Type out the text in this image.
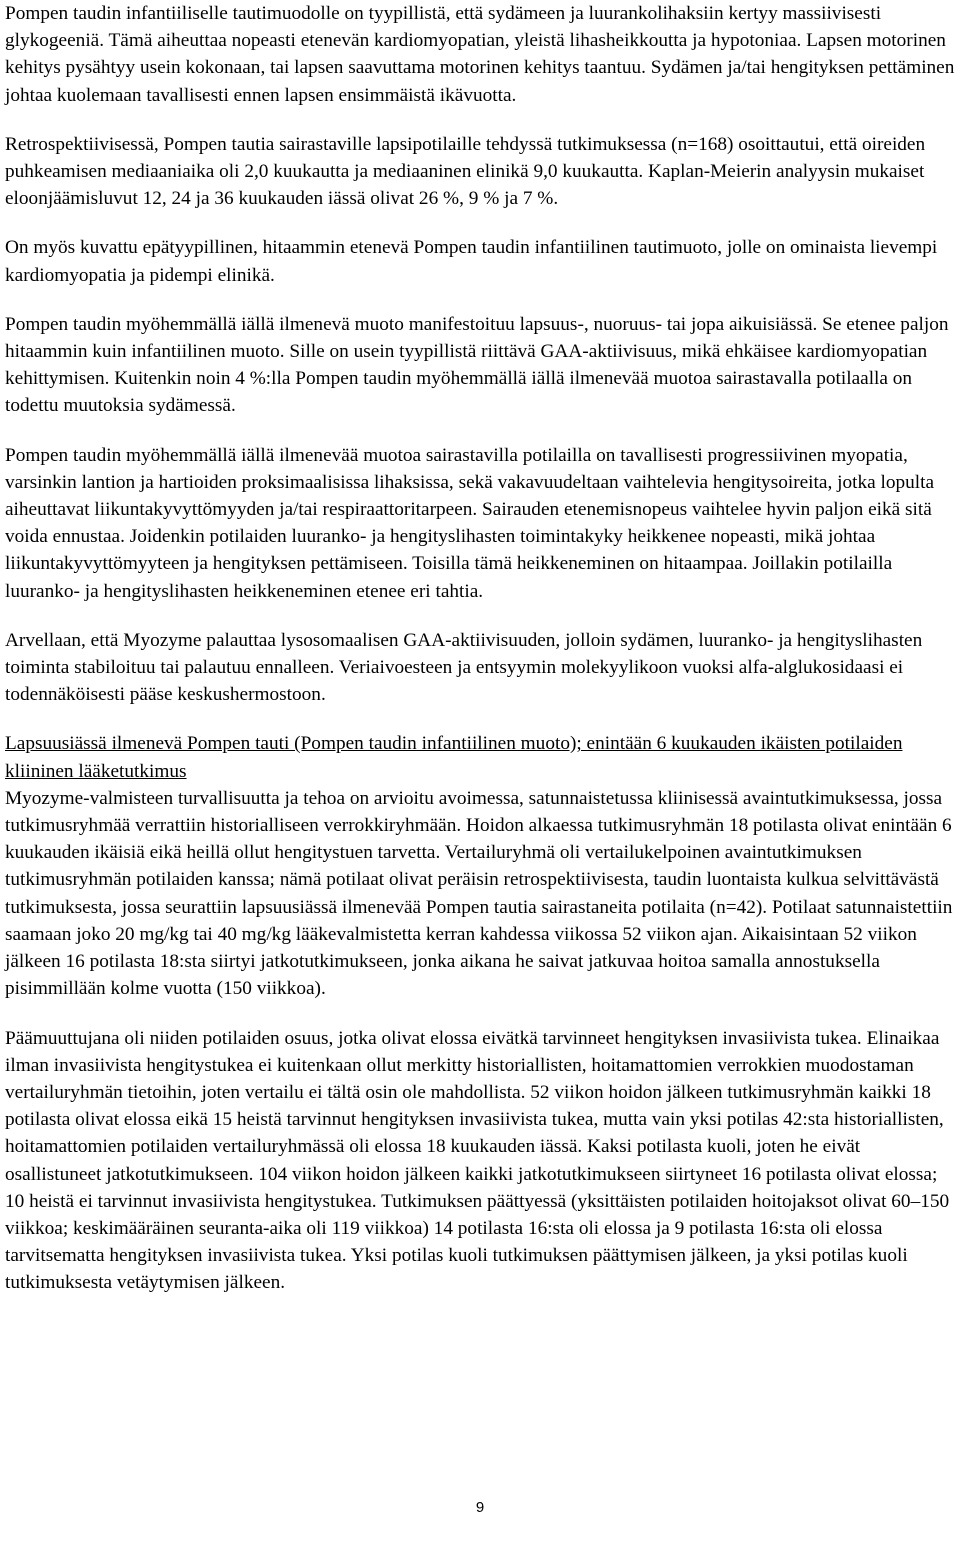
Pompen taudin infantiiliselle tautimuodolle on tyypillistä, että sydämeen ja luurankolihaksiin kertyy massiivisesti glykogeeniä. Tämä aiheuttaa nopeasti etenevän kardiomyopatian, yleistä lihasheikkoutta ja hypotoniaa. Lapsen motorinen kehitys pysähtyy usein kokonaan, tai lapsen saavuttama motorinen kehitys taantuu. Sydämen ja/tai hengityksen pettäminen johtaa kuolemaan tavallisesti ennen lapsen ensimmäistä ikävuotta.

Retrospektiivisessä, Pompen tautia sairastaville lapsipotilaille tehdyssä tutkimuksessa (n=168) osoittautui, että oireiden puhkeamisen mediaaniaika oli 2,0 kuukautta ja mediaaninen elinikä 9,0 kuukautta. Kaplan-Meierin analyysin mukaiset eloonjäämisluvut 12, 24 ja 36 kuukauden iässä olivat 26 %, 9 % ja 7 %.

On myös kuvattu epätyypillinen, hitaammin etenevä Pompen taudin infantiilinen tautimuoto, jolle on ominaista lievempi kardiomyopatia ja pidempi elinikä.

Pompen taudin myöhemmällä iällä ilmenevä muoto manifestoituu lapsuus-, nuoruus- tai jopa aikuisiässä. Se etenee paljon hitaammin kuin infantiilinen muoto. Sille on usein tyypillistä riittävä GAA-aktiivisuus, mikä ehkäisee kardiomyopatian kehittymisen. Kuitenkin noin 4 %:lla Pompen taudin myöhemmällä iällä ilmenevää muotoa sairastavalla potilaalla on todettu muutoksia sydämessä.

Pompen taudin myöhemmällä iällä ilmenevää muotoa sairastavilla potilailla on tavallisesti progressiivinen myopatia, varsinkin lantion ja hartioiden proksimaalisissa lihaksissa, sekä vakavuudeltaan vaihtelevia hengitysoireita, jotka lopulta aiheuttavat liikuntakyvyttömyyden ja/tai respiraattoritarpeen. Sairauden etenemisnopeus vaihtelee hyvin paljon eikä sitä voida ennustaa. Joidenkin potilaiden luuranko- ja hengityslihasten toimintakyky heikkenee nopeasti, mikä johtaa liikuntakyvyttömyyteen ja hengityksen pettämiseen. Toisilla tämä heikkeneminen on hitaampaa. Joillakin potilailla luuranko- ja hengityslihasten heikkeneminen etenee eri tahtia.

Arvellaan, että Myozyme palauttaa lysosomaalisen GAA-aktiivisuuden, jolloin sydämen, luuranko- ja hengityslihasten toiminta stabiloituu tai palautuu ennalleen. Veriaivoesteen ja entsyymin molekyylikoon vuoksi alfa-alglukosidaasi ei todennäköisesti pääse keskushermostoon.

Lapsuusiässä ilmenevä Pompen tauti (Pompen taudin infantiilinen muoto); enintään 6 kuukauden ikäisten potilaiden kliininen lääketutkimus

Myozyme-valmisteen turvallisuutta ja tehoa on arvioitu avoimessa, satunnaistetussa kliinisessä avaintutkimuksessa, jossa tutkimusryhmää verrattiin historialliseen verrokkiryhmään. Hoidon alkaessa tutkimusryhmän 18 potilasta olivat enintään 6 kuukauden ikäisiä eikä heillä ollut hengitystuen tarvetta. Vertailuryhmä oli vertailukelpoinen avaintutkimuksen tutkimusryhmän potilaiden kanssa; nämä potilaat olivat peräisin retrospektiivisesta, taudin luontaista kulkua selvittävästä tutkimuksesta, jossa seurattiin lapsuusiässä ilmenevää Pompen tautia sairastaneita potilaita (n=42). Potilaat satunnaistettiin saamaan joko 20 mg/kg tai 40 mg/kg lääkevalmistetta kerran kahdessa viikossa 52 viikon ajan. Aikaisintaan 52 viikon jälkeen 16 potilasta 18:sta siirtyi jatkotutkimukseen, jonka aikana he saivat jatkuvaa hoitoa samalla annostuksella pisimmillään kolme vuotta (150 viikkoa).

Päämuuttujana oli niiden potilaiden osuus, jotka olivat elossa eivätkä tarvinneet hengityksen invasiivista tukea. Elinaikaa ilman invasiivista hengitystukea ei kuitenkaan ollut merkitty historiallisten, hoitamattomien verrokkien muodostaman vertailuryhmän tietoihin, joten vertailu ei tältä osin ole mahdollista. 52 viikon hoidon jälkeen tutkimusryhmän kaikki 18 potilasta olivat elossa eikä 15 heistä tarvinnut hengityksen invasiivista tukea, mutta vain yksi potilas 42:sta historiallisten, hoitamattomien potilaiden vertailuryhmässä oli elossa 18 kuukauden iässä. Kaksi potilasta kuoli, joten he eivät osallistuneet jatkotutkimukseen. 104 viikon hoidon jälkeen kaikki jatkotutkimukseen siirtyneet 16 potilasta olivat elossa; 10 heistä ei tarvinnut invasiivista hengitystukea. Tutkimuksen päättyessä (yksittäisten potilaiden hoitojaksot olivat 60–150 viikkoa; keskimääräinen seuranta-aika oli 119 viikkoa) 14 potilasta 16:sta oli elossa ja 9 potilasta 16:sta oli elossa tarvitsematta hengityksen invasiivista tukea. Yksi potilas kuoli tutkimuksen päättymisen jälkeen, ja yksi potilas kuoli tutkimuksesta vetäytymisen jälkeen.

9
